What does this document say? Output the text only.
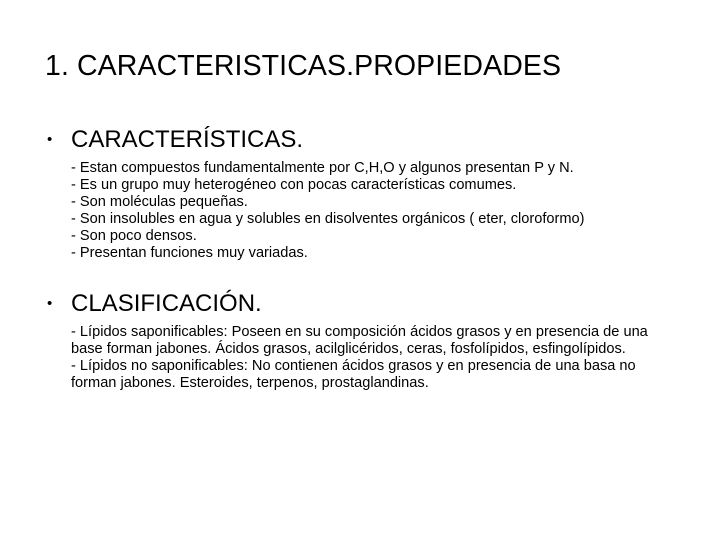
1. CARACTERISTICAS.PROPIEDADES
• CARACTERÍSTICAS.
- Estan compuestos fundamentalmente por C,H,O y algunos presentan P y N.
- Es un grupo muy heterogéneo con pocas características comumes.
- Son moléculas pequeñas.
- Son insolubles en agua y solubles en disolventes orgánicos ( eter, cloroformo)
- Son poco densos.
- Presentan funciones muy variadas.
• CLASIFICACIÓN.
- Lípidos saponificables: Poseen en su composición ácidos grasos y en presencia de una base forman jabones. Ácidos grasos, acilglicéridos, ceras, fosfolípidos, esfingolípidos.
- Lípidos no saponificables: No contienen ácidos grasos y en presencia de una basa no forman jabones. Esteroides, terpenos, prostaglandinas.
